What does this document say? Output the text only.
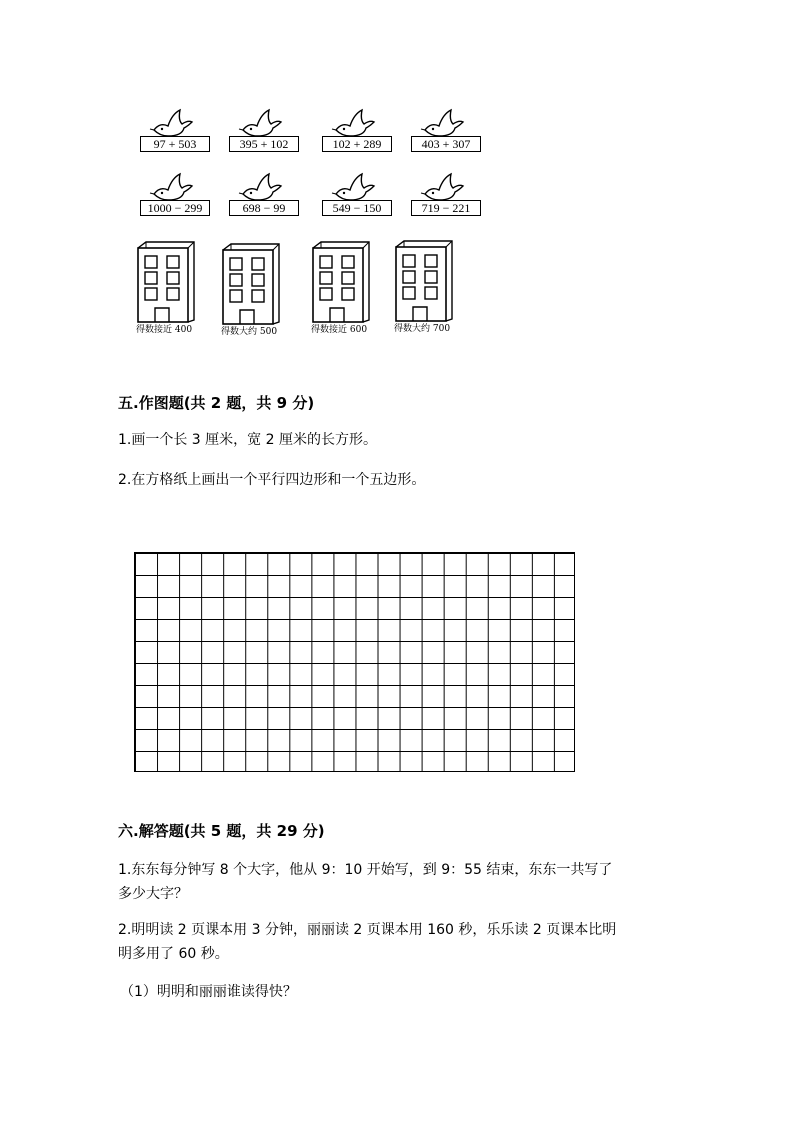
97 + 503	395 + 102	102 + 289	403 + 307
1000 − 299	698 − 99	549 − 150	719 − 221
得数接近 400	得数大约 500	得数接近 600	得数大约 700
五.作图题(共 2 题，共 9 分)
1.画一个长 3 厘米，宽 2 厘米的长方形。
2.在方格纸上画出一个平行四边形和一个五边形。
六.解答题(共 5 题，共 29 分)
1.东东每分钟写 8 个大字，他从 9：10 开始写，到 9：55 结束，东东一共写了
多少大字？
2.明明读 2 页课本用 3 分钟，丽丽读 2 页课本用 160 秒，乐乐读 2 页课本比明
明多用了 60 秒。
（1）明明和丽丽谁读得快？
